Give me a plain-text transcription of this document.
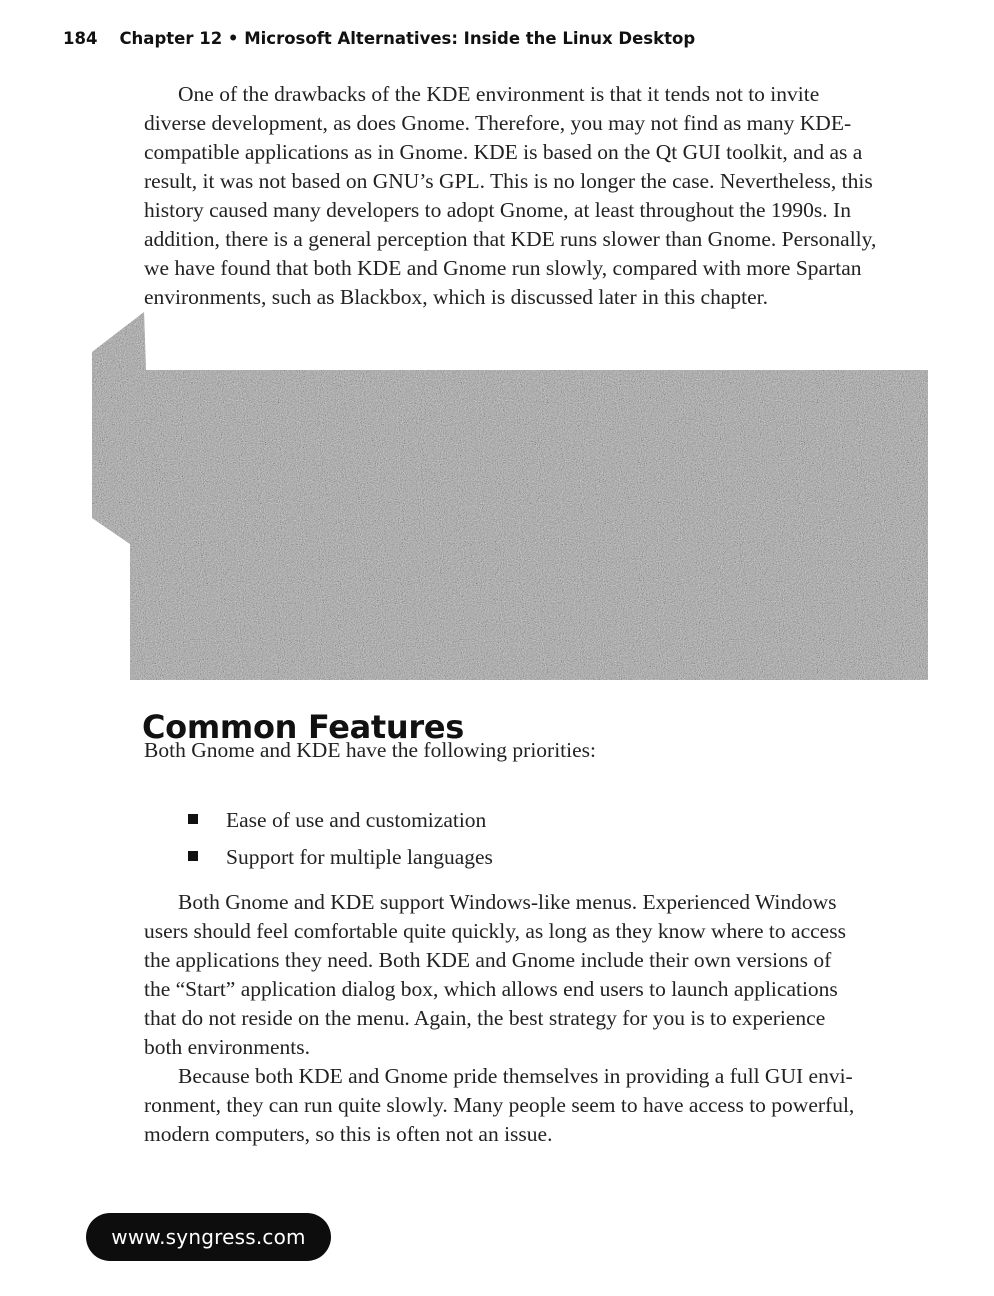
184 Chapter 12 • Microsoft Alternatives: Inside the Linux Desktop

One of the drawbacks of the KDE environment is that it tends not to invite
diverse development, as does Gnome. Therefore, you may not find as many KDE-
compatible applications as in Gnome. KDE is based on the Qt GUI toolkit, and as a
result, it was not based on GNU’s GPL. This is no longer the case. Nevertheless, this
history caused many developers to adopt Gnome, at least throughout the 1990s. In
addition, there is a general perception that KDE runs slower than Gnome. Personally,
we have found that both KDE and Gnome run slowly, compared with more Spartan
environments, such as Blackbox, which is discussed later in this chapter.

Common Features

Both Gnome and KDE have the following priorities:

Ease of use and customization
Support for multiple languages

Both Gnome and KDE support Windows-like menus. Experienced Windows
users should feel comfortable quite quickly, as long as they know where to access
the applications they need. Both KDE and Gnome include their own versions of
the “Start” application dialog box, which allows end users to launch applications
that do not reside on the menu. Again, the best strategy for you is to experience
both environments.

Because both KDE and Gnome pride themselves in providing a full GUI envi-
ronment, they can run quite slowly. Many people seem to have access to powerful,
modern computers, so this is often not an issue.

www.syngress.com
